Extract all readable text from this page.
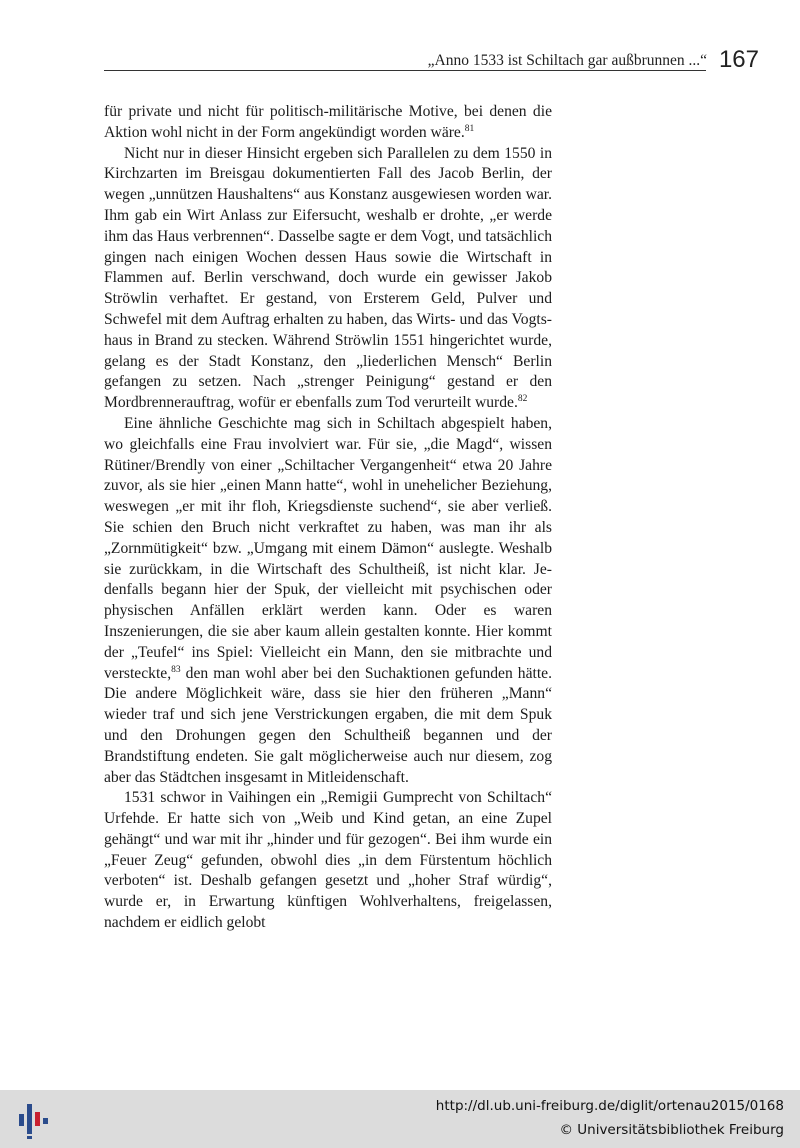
„Anno 1533 ist Schiltach gar außbrunnen ...“ 167

für private und nicht für politisch-militärische Motive, bei denen die Aktion wohl nicht in der Form angekündigt worden wäre.$^{81}$

Nicht nur in dieser Hinsicht ergeben sich Parallelen zu dem 1550 in Kirchzarten im Breisgau dokumentierten Fall des Jacob Berlin, der wegen „unnützen Haushaltens“ aus Konstanz ausgewiesen worden war. Ihm gab ein Wirt Anlass zur Eifersucht, weshalb er drohte, „er werde ihm das Haus verbrennen“. Dasselbe sagte er dem Vogt, und tatsächlich gingen nach einigen Wochen dessen Haus sowie die Wirtschaft in Flammen auf. Berlin verschwand, doch wurde ein gewisser Jakob Ströwlin verhaftet. Er gestand, von Ersterem Geld, Pulver und Schwefel mit dem Auftrag erhalten zu haben, das Wirts- und das Vogtshaus in Brand zu stecken. Während Ströwlin 1551 hingerichtet wurde, gelang es der Stadt Konstanz, den „liederlichen Mensch“ Berlin gefangen zu setzen. Nach „strenger Peinigung“ gestand er den Mordbrennerauftrag, wofür er ebenfalls zum Tod verurteilt wurde.$^{82}$

Eine ähnliche Geschichte mag sich in Schiltach abgespielt haben, wo gleichfalls eine Frau involviert war. Für sie, „die Magd“, wissen Rütiner/Brendly von einer „Schiltacher Vergangenheit“ etwa 20 Jahre zuvor, als sie hier „einen Mann hatte“, wohl in unehelicher Beziehung, weswegen „er mit ihr floh, Kriegsdienste suchend“, sie aber verließ. Sie schien den Bruch nicht verkraftet zu haben, was man ihr als „Zornmütigkeit“ bzw. „Umgang mit einem Dämon“ auslegte. Weshalb sie zurückkam, in die Wirtschaft des Schultheiß, ist nicht klar. Jedenfalls begann hier der Spuk, der vielleicht mit psychischen oder physischen Anfällen erklärt werden kann. Oder es waren Inszenierungen, die sie aber kaum allein gestalten konnte. Hier kommt der „Teufel“ ins Spiel: Vielleicht ein Mann, den sie mitbrachte und versteckte,$^{83}$ den man wohl aber bei den Suchaktionen gefunden hätte. Die andere Möglichkeit wäre, dass sie hier den früheren „Mann“ wieder traf und sich jene Verstrickungen ergaben, die mit dem Spuk und den Drohungen gegen den Schultheiß begannen und der Brandstiftung endeten. Sie galt möglicherweise auch nur diesem, zog aber das Städtchen insgesamt in Mitleidenschaft.

1531 schwor in Vaihingen ein „Remigii Gumprecht von Schiltach“ Urfehde. Er hatte sich von „Weib und Kind getan, an eine Zupel gehängt“ und war mit ihr „hinder und für gezogen“. Bei ihm wurde ein „Feuer Zeug“ gefunden, obwohl dies „in dem Fürstentum höchlich verboten“ ist. Deshalb gefangen gesetzt und „hoher Straf würdig“, wurde er, in Erwartung künftigen Wohlverhaltens, freigelassen, nachdem er eidlich gelobt

http://dl.ub.uni-freiburg.de/diglit/ortenau2015/0168
© Universitätsbibliothek Freiburg
